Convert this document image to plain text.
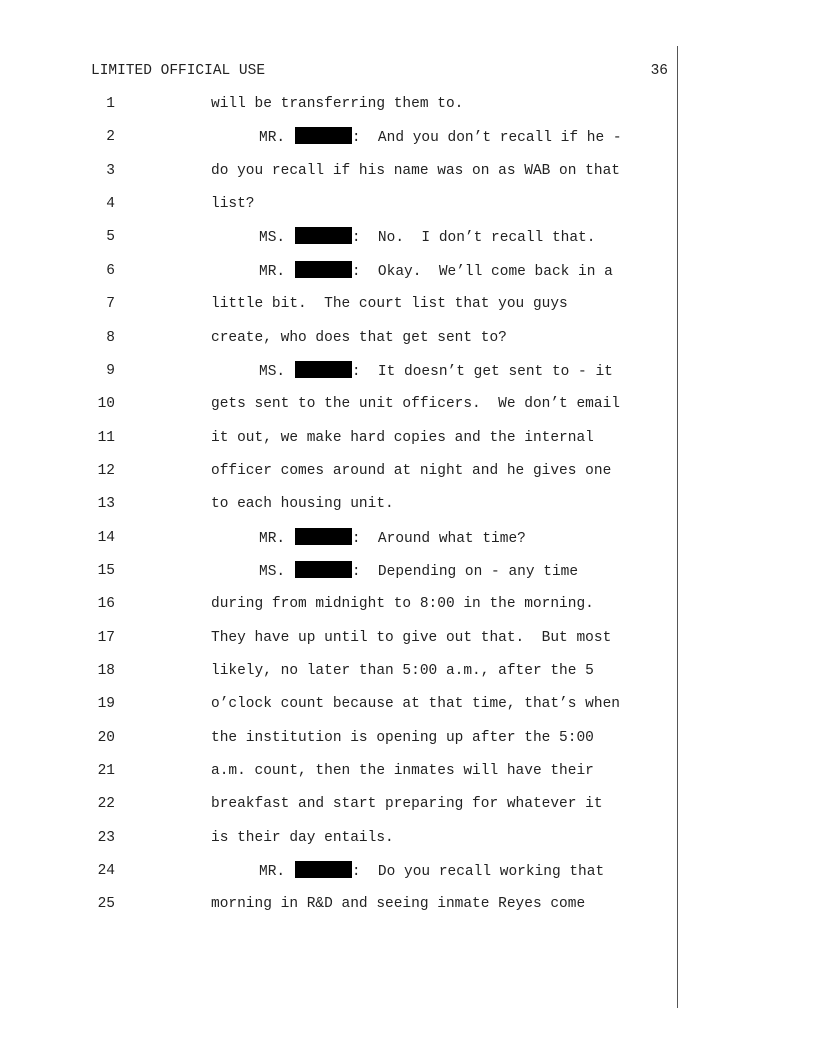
LIMITED OFFICIAL USE	36
1	will be transferring them to.
2	MR.	:  And you don’t recall if he -
3	do you recall if his name was on as WAB on that
4	list?
5	MS.	:  No.  I don’t recall that.
6	MR.	:  Okay.  We’ll come back in a
7	little bit.  The court list that you guys
8	create, who does that get sent to?
9	MS.	:  It doesn’t get sent to - it
10	gets sent to the unit officers.  We don’t email
11	it out, we make hard copies and the internal
12	officer comes around at night and he gives one
13	to each housing unit.
14	MR.	:  Around what time?
15	MS.	:  Depending on - any time
16	during from midnight to 8:00 in the morning.
17	They have up until to give out that.  But most
18	likely, no later than 5:00 a.m., after the 5
19	o’clock count because at that time, that’s when
20	the institution is opening up after the 5:00
21	a.m. count, then the inmates will have their
22	breakfast and start preparing for whatever it
23	is their day entails.
24	MR.	:  Do you recall working that
25	morning in R&D and seeing inmate Reyes come
